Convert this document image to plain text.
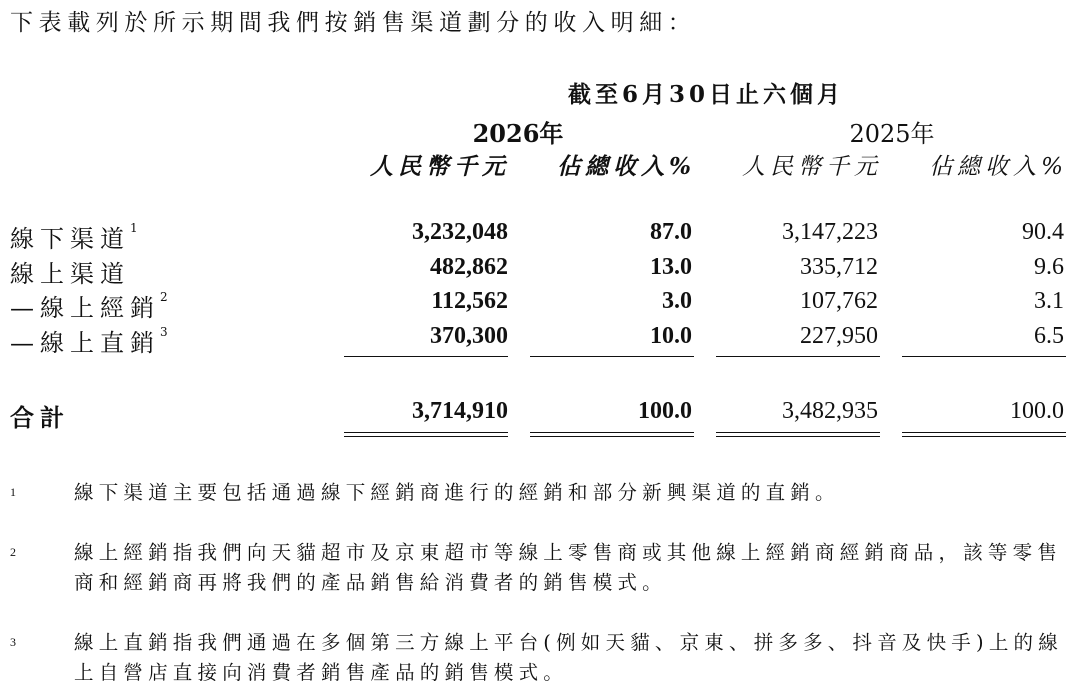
下表載列於所示期間我們按銷售渠道劃分的收入明細：
截至6月30日止六個月
2026年	2025年
人民幣千元	佔總收入%	人民幣千元	佔總收入%
線下渠道$^1$	3,232,048	87.0	3,147,223	90.4
線上渠道	482,862	13.0	335,712	9.6
—線上經銷$^2$	112,562	3.0	107,762	3.1
—線上直銷$^3$	370,300	10.0	227,950	6.5
合計	3,714,910	100.0	3,482,935	100.0
1	線下渠道主要包括通過線下經銷商進行的經銷和部分新興渠道的直銷。
2	線上經銷指我們向天貓超市及京東超市等線上零售商或其他線上經銷商經銷商品，該等零售商和經銷商再將我們的產品銷售給消費者的銷售模式。
3	線上直銷指我們通過在多個第三方線上平台(例如天貓、京東、拼多多、抖音及快手)上的線上自營店直接向消費者銷售產品的銷售模式。
